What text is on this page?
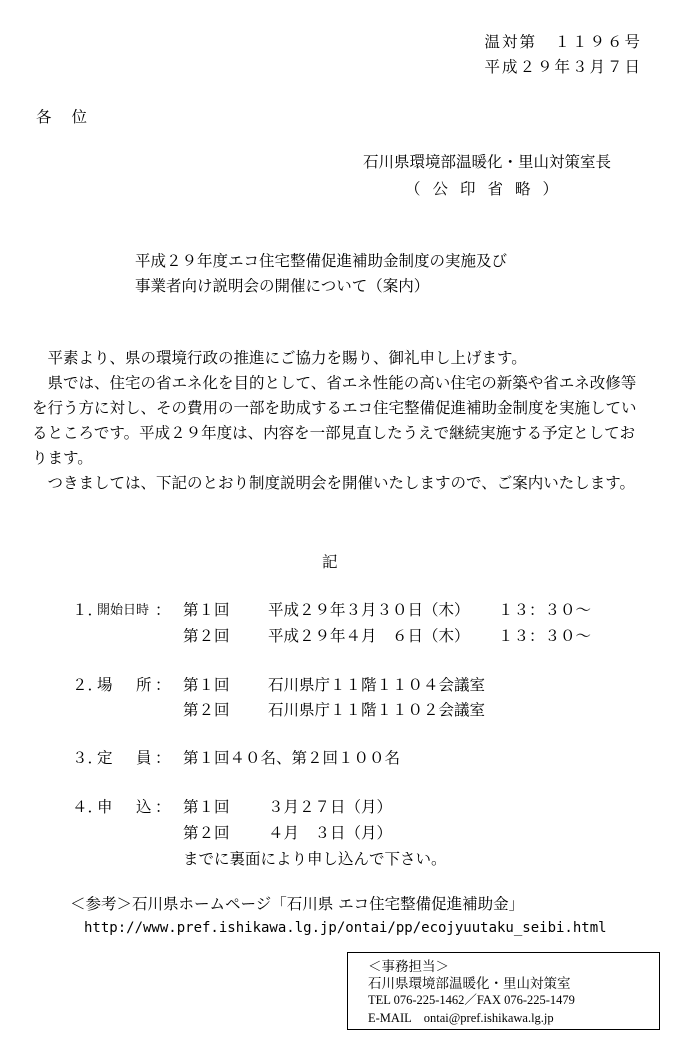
温対第　１１９６号
平成２９年３月７日
各位
石川県環境部温暖化・里山対策室長
（公印省略）
平成２９年度エコ住宅整備促進補助金制度の実施及び
事業者向け説明会の開催について（案内）

平素より、県の環境行政の推進にご協力を賜り、御礼申し上げます。

県では、住宅の省エネ化を目的として、省エネ性能の高い住宅の新築や省エネ改修等を行う方に対し、その費用の一部を助成するエコ住宅整備促進補助金制度を実施しているところです。平成２９年度は、内容を一部見直したうえで継続実施する予定としております。

つきましては、下記のとおり制度説明会を開催いたしますので、ご案内いたします。

記
１．
開始日時 ： 第１回 平成２９年３月３０日（木） １３：３０～
第２回 平成２９年４月　６日（木） １３：３０～
２．
場　所 ： 第１回 石川県庁１１階１１０４会議室
第２回 石川県庁１１階１１０２会議室
３．
定　員 ： 第１回４０名、第２回１００名
４．
申　込 ： 第１回 ３月２７日（月）
第２回 ４月　３日（月）
までに裏面により申し込んで下さい。
＜参考＞石川県ホームページ「石川県 エコ住宅整備促進補助金」
http://www.pref.ishikawa.lg.jp/ontai/pp/ecojyuutaku_seibi.html
＜事務担当＞
石川県環境部温暖化・里山対策室
TEL 076-225-1462／FAX 076-225-1479
E-MAIL　ontai@pref.ishikawa.lg.jp
